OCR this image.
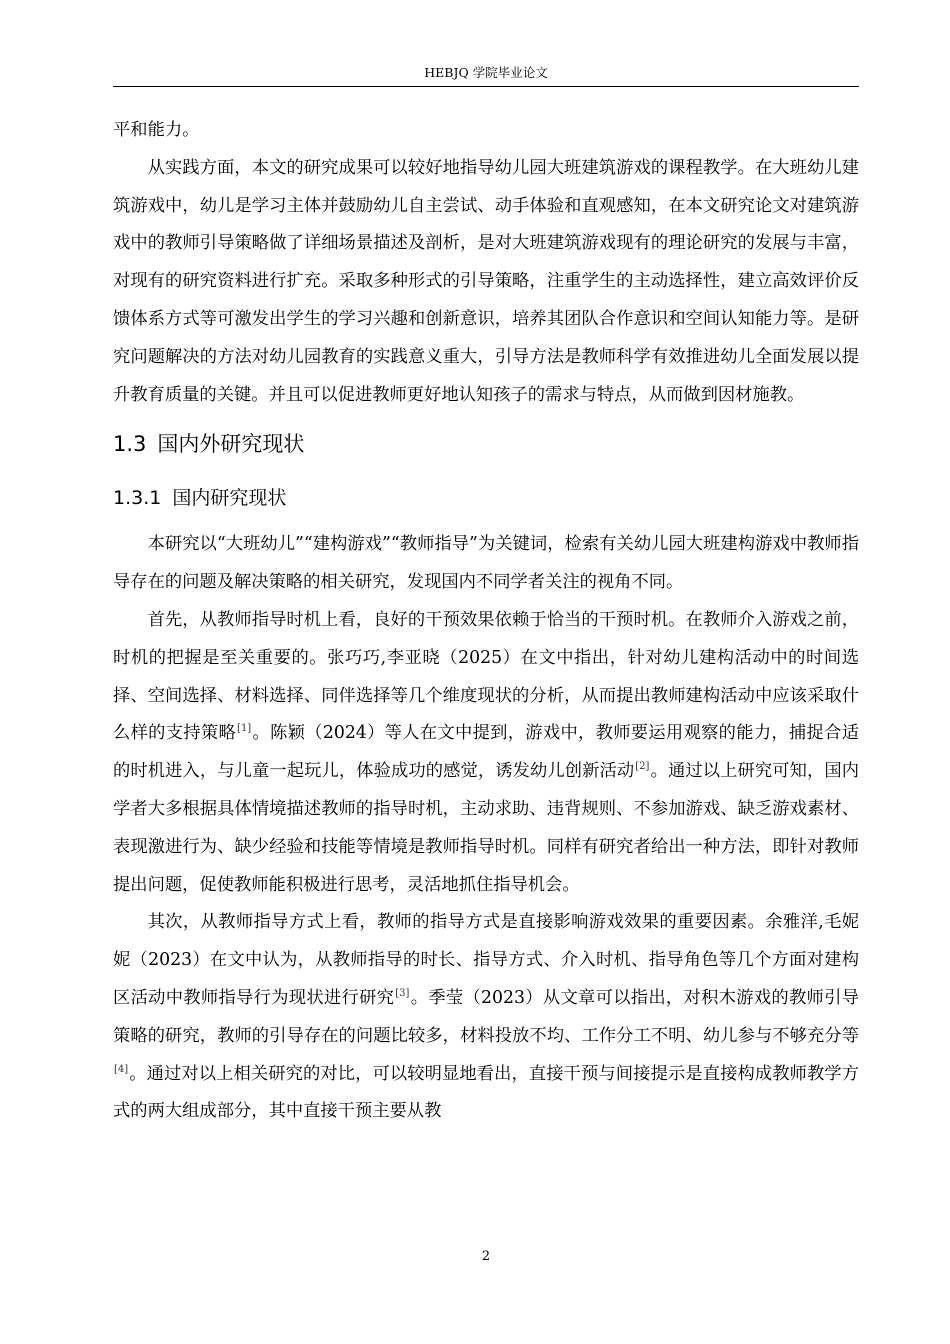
HEBJQ 学院毕业论文

平和能力。

从实践方面，本文的研究成果可以较好地指导幼儿园大班建筑游戏的课程教学。在大班幼儿建筑游戏中，幼儿是学习主体并鼓励幼儿自主尝试、动手体验和直观感知，在本文研究论文对建筑游戏中的教师引导策略做了详细场景描述及剖析，是对大班建筑游戏现有的理论研究的发展与丰富，对现有的研究资料进行扩充。采取多种形式的引导策略，注重学生的主动选择性，建立高效评价反馈体系方式等可激发出学生的学习兴趣和创新意识，培养其团队合作意识和空间认知能力等。是研究问题解决的方法对幼儿园教育的实践意义重大，引导方法是教师科学有效推进幼儿全面发展以提升教育质量的关键。并且可以促进教师更好地认知孩子的需求与特点，从而做到因材施教。

1.3 国内外研究现状
1.3.1 国内研究现状

本研究以“大班幼儿”“建构游戏”“教师指导”为关键词，检索有关幼儿园大班建构游戏中教师指导存在的问题及解决策略的相关研究，发现国内不同学者关注的视角不同。

首先，从教师指导时机上看，良好的干预效果依赖于恰当的干预时机。在教师介入游戏之前，时机的把握是至关重要的。张巧巧,李亚晓（2025）在文中指出，针对幼儿建构活动中的时间选择、空间选择、材料选择、同伴选择等几个维度现状的分析，从而提出教师建构活动中应该采取什么样的支持策略[1]。陈颖（2024）等人在文中提到，游戏中，教师要运用观察的能力，捕捉合适的时机进入，与儿童一起玩儿，体验成功的感觉，诱发幼儿创新活动[2]。通过以上研究可知，国内学者大多根据具体情境描述教师的指导时机，主动求助、违背规则、不参加游戏、缺乏游戏素材、表现激进行为、缺少经验和技能等情境是教师指导时机。同样有研究者给出一种方法，即针对教师提出问题，促使教师能积极进行思考，灵活地抓住指导机会。

其次，从教师指导方式上看，教师的指导方式是直接影响游戏效果的重要因素。余雅洋,毛妮妮（2023）在文中认为，从教师指导的时长、指导方式、介入时机、指导角色等几个方面对建构区活动中教师指导行为现状进行研究[3]。季莹（2023）从文章可以指出，对积木游戏的教师引导策略的研究，教师的引导存在的问题比较多，材料投放不均、工作分工不明、幼儿参与不够充分等[4]。通过对以上相关研究的对比，可以较明显地看出，直接干预与间接提示是直接构成教师教学方式的两大组成部分，其中直接干预主要从教

2
